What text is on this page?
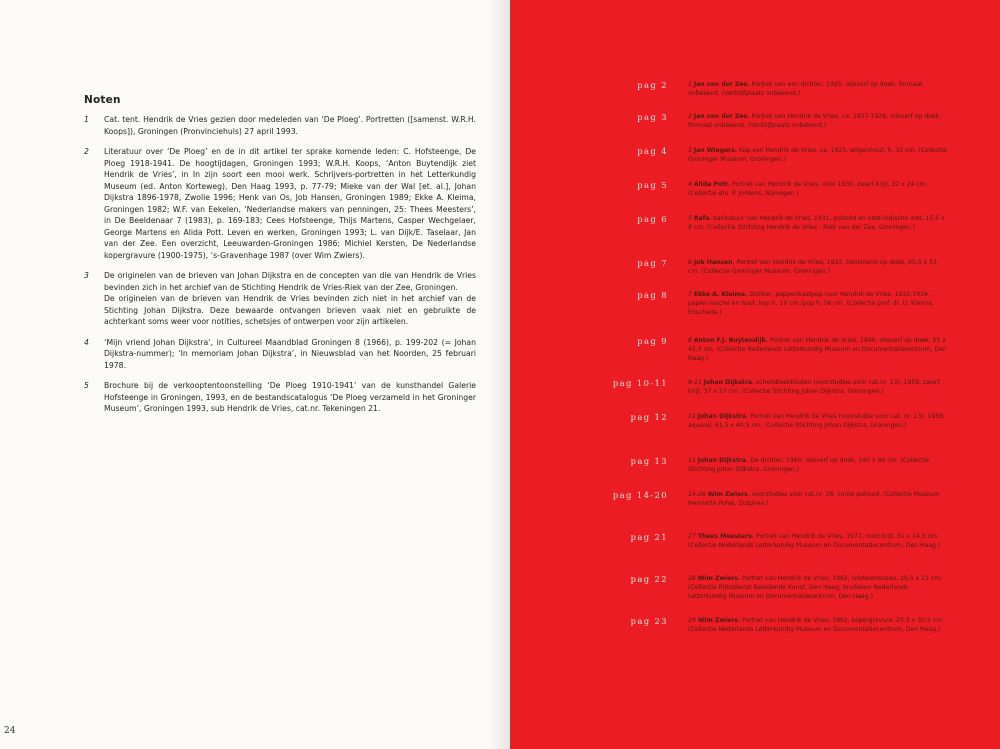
Noten
1 Cat. tent. Hendrik de Vries gezien door medeleden van ‘De Ploeg’. Portretten ([samenst. W.R.H. Koops]), Groningen (Pronvinciehuis) 27 april 1993.

2 Literatuur over ‘De Ploeg’ en de in dit artikel ter sprake komende leden: C. Hofsteenge, De Ploeg 1918-1941. De hoogtijdagen, Groningen 1993; W.R.H. Koops, ‘Anton Buytendijk ziet Hendrik de Vries’, in In zijn soort een mooi werk. Schrijvers-portretten in het Letterkundig Museum (ed. Anton Korteweg), Den Haag 1993, p. 77-79; Mieke van der Wal [et. al.], Johan Dijkstra 1896-1978, Zwolle 1996; Henk van Os, Job Hansen, Groningen 1989; Ekke A. Kleima, Groningen 1982; W.F. van Eekelen, ‘Nederlandse makers van penningen, 25: Thees Meesters’, in De Beeldenaar 7 (1983), p. 169-183; Cees Hofsteenge, Thijs Martens, Casper Wechgelaer, George Martens en Alida Pott. Leven en werken, Groningen 1993; L. van Dijk/E. Taselaar, Jan van der Zee. Een overzicht, Leeuwarden-Groningen 1986; Michiel Kersten, De Nederlandse kopergravure (1900-1975), ‘s-Gravenhage 1987 (over Wim Zwiers).

3 De originelen van de brieven van Johan Dijkstra en de concepten van die van Hendrik de Vries bevinden zich in het archief van de Stichting Hendrik de Vries-Riek van der Zee, Groningen.

De originelen van de brieven van Hendrik de Vries bevinden zich niet in het archief van de Stichting Johan Dijkstra. Deze bewaarde ontvangen brieven vaak niet en gebruikte de achterkant soms weer voor notities, schetsjes of ontwerpen voor zijn artikelen.

4 ‘Mijn vriend Johan Dijkstra’, in Cultureel Maandblad Groningen 8 (1966), p. 199-202 (= Johan Dijkstra-nummer); ‘In memoriam Johan Dijkstra’, in Nieuwsblad van het Noorden, 25 februari 1978.

5 Brochure bij de verkooptentoonstelling ‘De Ploeg 1910-1941’ van de kunsthandel Galerie Hofsteenge in Groningen, 1993, en de bestandscatalogus ‘De Ploeg verzameld in het Groninger Museum’, Groningen 1993, sub Hendrik de Vries, cat.nr. Tekeningen 21.

24
pag 2	1 Jan van der Zee. Portret van een dichter, 1925, olieverf op doek, formaat onbekend. (Verblijfplaats onbekend.)
pag 3	2 Jan van der Zee. Portret van Hendrik de Vries, ca. 1927-1928, olieverf op doek, formaat onbekend. (Verblijfplaats onbekend.)
pag 4	3 Jan Wiegers. Kop van Hendrik de Vries, ca. 1925, wilgenhout, h. 32 cm. (Collectie Groninger Museum, Groningen.)
pag 5	4 Alida Pott. Portret van Hendrik de Vries, vóór 1930, zwart krijt, 32 x 24 cm. (Collectie drs. P. Jordens, Nijmegen.)
pag 6	5 Rafa, karikatuur van Hendrik de Vries, 1931, potlood en oost-indische inkt, 15,5 x 8 cm. (Collectie Stichting Hendrik de Vries - Riek van der Zee, Groningen.)
pag 7	6 Job Hansen. Portret van Hendrik de Vries, 1932, benzinerol op doek, 60,5 x 51 cm. (Collectie Groninger Museum, Groningen.)
pag 8	7 Ekke A. Kleima. Dichter, poppenkastpop naar Hendrik de Vries, 1932-1934, papier-maché en hout, kop h. 10 cm./pop h. 56 cm. (Collectie prof. dr. D. Kleima, Enschede.)
pag 9	8 Anton F.J. Buytendijk. Portret van Hendrik de Vries, 1946, olieverf op doek, 55 x 45,5 cm. (Collectie Nederlands Letterkundig Museum en Documentatiecentrum, Den Haag.)
pag 10-11	9-11 Johan Dijkstra, schetsboekbladen (voorstudies voor cat.nr. 13), 1959, zwart krijt, 37 x 27 cm. (Collectie Stichting Johan Dijkstra, Groningen.)
pag 12	12 Johan Dijkstra. Portret van Hendrik de Vries (voorstudie voor cat. nr. 13), 1959, aquarel, 61,5 x 40,5 cm. (Collectie Stichting Johan Dijkstra, Groningen.)
pag 13	13 Johan Dijkstra. De dichter, 1960, olieverf op doek, 140 x 96 cm. (Collectie Stichting Johan Dijkstra, Groningen.)
pag 14-20	14-26 Wim Zwiers, voorstudies voor cat.nr. 28, conté potlood. (Collectie Museum Henriette Polak, Zutphen.)
pag 21	27 Thees Meesters. Portret van Hendrik de Vries, 1977, rood krijt, 31 x 24,5 cm. (Collectie Nederlands Letterkundig Museum en Documentatiecentrum, Den Haag.)
pag 22	28 Wim Zwiers. Portret van Hendrik de Vries, 1962, linoleumsnede, 26,5 x 21 cm. (Collectie Rijksdienst Beeldende Kunst, Den Haag; bruikleen Nederlands Letterkundig Museum en Documentatiecentrum, Den Haag.)
pag 23	29 Wim Zwiers. Portret van Hendrik de Vries, 1962, kopergravure, 25,5 x 30,5 cm. (Collectie Nederlands Letterkundig Museum en Documentatiecentrum, Den Haag.)
